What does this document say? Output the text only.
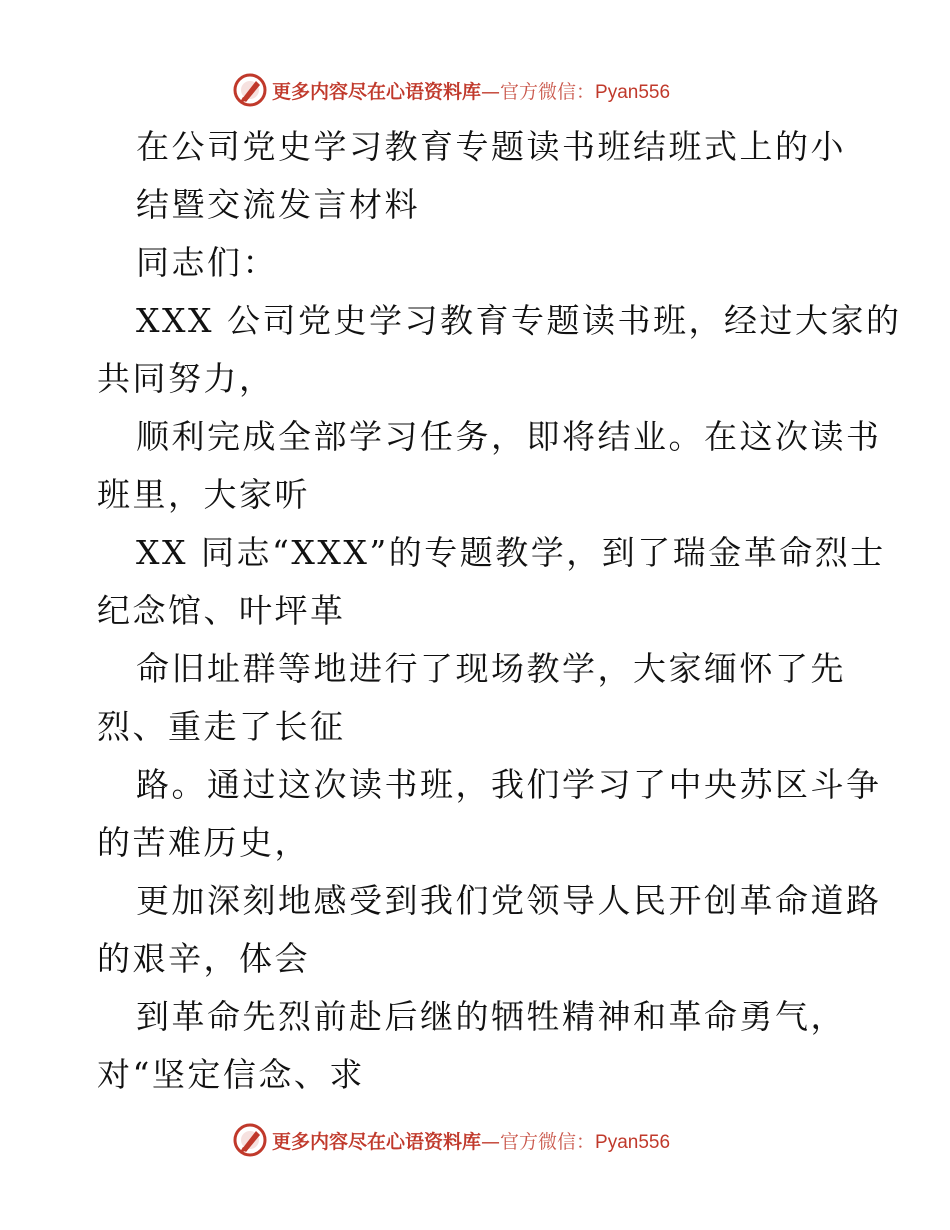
更多内容尽在心语资料库—官方微信：Pyan556
在公司党史学习教育专题读书班结班式上的小
结暨交流发言材料
同志们：
XXX 公司党史学习教育专题读书班，经过大家的
共同努力，
顺利完成全部学习任务，即将结业。在这次读书
班里，大家听
XX 同志“XXX”的专题教学，到了瑞金革命烈士
纪念馆、叶坪革
命旧址群等地进行了现场教学，大家缅怀了先
烈、重走了长征
路。通过这次读书班，我们学习了中央苏区斗争
的苦难历史，
更加深刻地感受到我们党领导人民开创革命道路
的艰辛，体会
到革命先烈前赴后继的牺牲精神和革命勇气，
对“坚定信念、求
更多内容尽在心语资料库—官方微信：Pyan556
